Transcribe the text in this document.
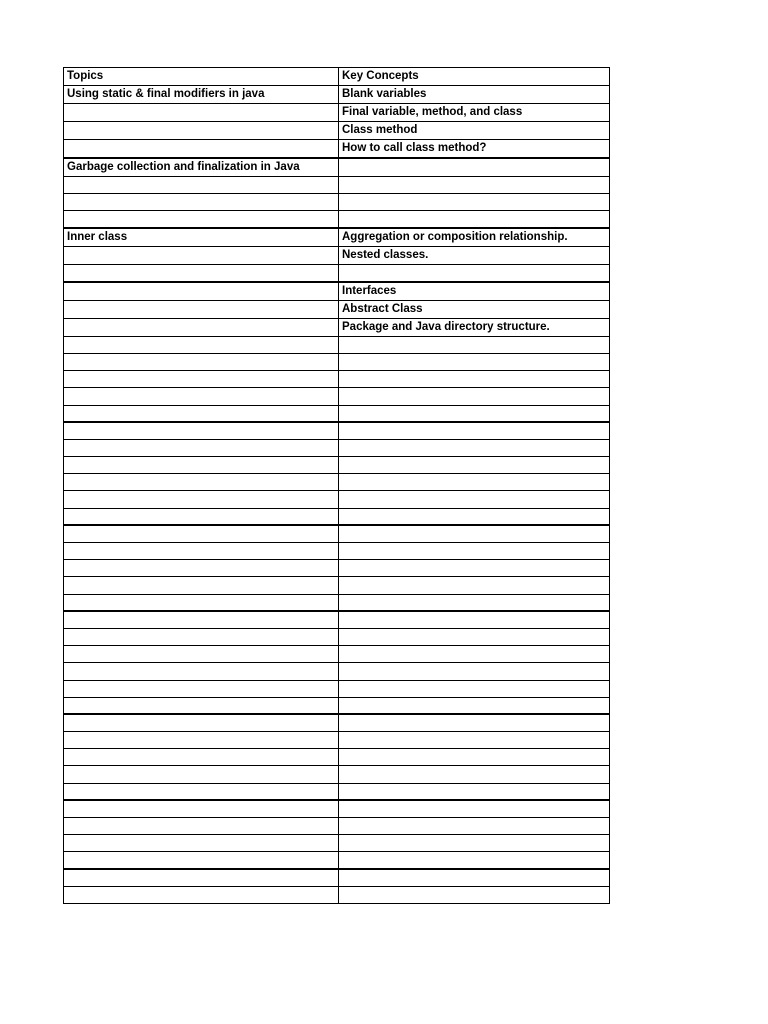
Topics	Key Concepts
Using static & final modifiers in java	Blank variables
	Final variable, method, and class
	Class method
	How to call class method?
Garbage collection and finalization in Java	

Inner class	Aggregation or composition relationship.
	Nested classes.

	Interfaces
	Abstract Class
	Package and Java directory structure.
